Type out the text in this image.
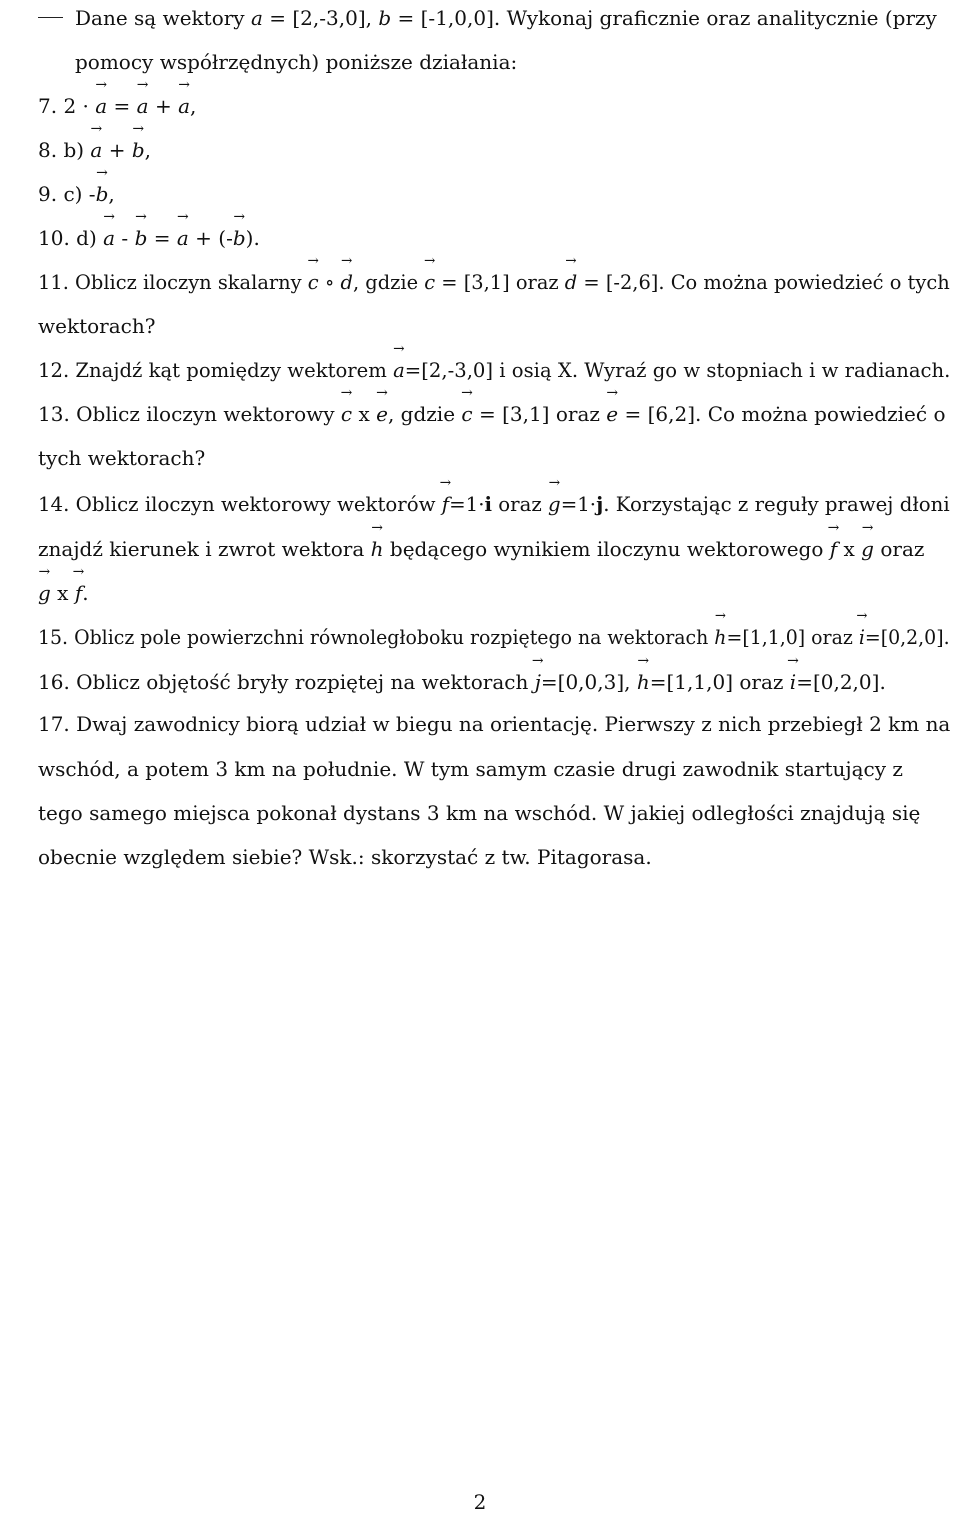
Dane są wektory a → = [2,-3,0], b → = [-1,0,0]. Wykonaj graficznie oraz analitycznie (przy
pomocy współrzędnych) poniższe działania:
7. 2 · a → = a → + a →,
8. b) a → + b →,
9. c) -b →,
10. d) a → - b → = a → + (-b →).
11. Oblicz iloczyn skalarny c → ∘ d →, gdzie c → = [3,1] oraz d → = [-2,6]. Co można powiedzieć o tych
wektorach?
12. Znajdź kąt pomiędzy wektorem a →=[2,-3,0] i osią X. Wyraź go w stopniach i w radianach.
13. Oblicz iloczyn wektorowy c → x e →, gdzie c → = [3,1] oraz e → = [6,2]. Co można powiedzieć o
tych wektorach?
14. Oblicz iloczyn wektorowy wektorów f →=1·i oraz g →=1·j. Korzystając z reguły prawej dłoni
znajdź kierunek i zwrot wektora h → będącego wynikiem iloczynu wektorowego f → x g → oraz
g → x f →.
15. Oblicz pole powierzchni równoległoboku rozpiętego na wektorach h →=[1,1,0] oraz i →=[0,2,0].
16. Oblicz objętość bryły rozpiętej na wektorach j →=[0,0,3], h →=[1,1,0] oraz i →=[0,2,0].
17. Dwaj zawodnicy biorą udział w biegu na orientację. Pierwszy z nich przebiegł 2 km na
wschód, a potem 3 km na południe. W tym samym czasie drugi zawodnik startujący z
tego samego miejsca pokonał dystans 3 km na wschód. W jakiej odległości znajdują się
obecnie względem siebie? Wsk.: skorzystać z tw. Pitagorasa.
2
